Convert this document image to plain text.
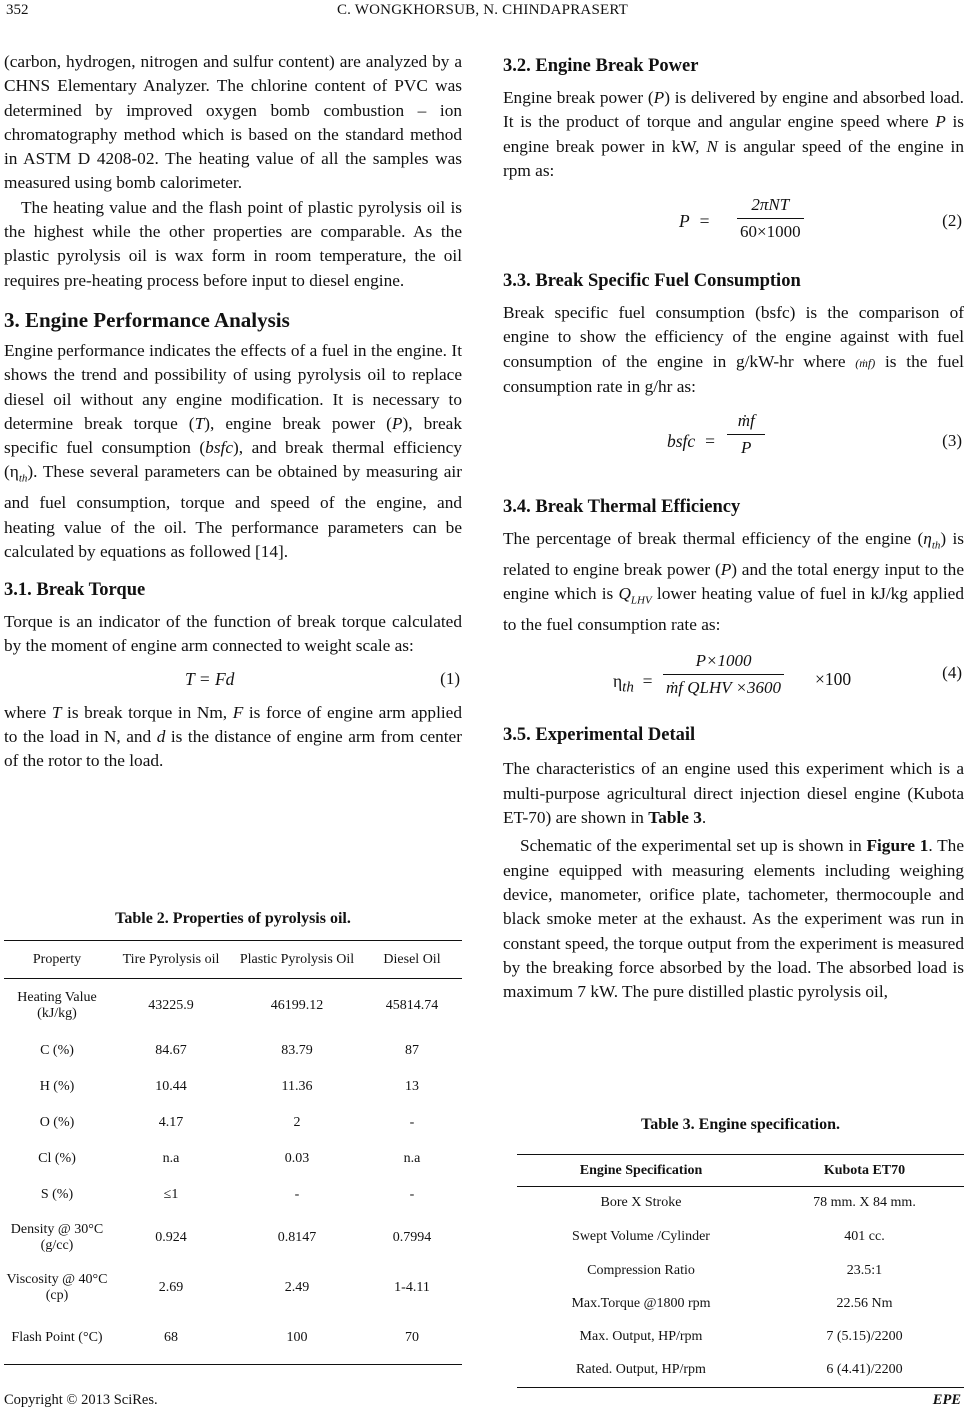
352	C. WONGKHORSUB, N. CHINDAPRASERT

(carbon, hydrogen, nitrogen and sulfur content) are analyzed by a CHNS Elementary Analyzer. The chlorine content of PVC was determined by improved oxygen bomb combustion – ion chromatography method which is based on the standard method in ASTM D 4208-02. The heating value of all the samples was measured using bomb calorimeter.

The heating value and the flash point of plastic pyrolysis oil is the highest while the other properties are comparable. As the plastic pyrolysis oil is wax form in room temperature, the oil requires pre-heating process before input to diesel engine.

3. Engine Performance Analysis

Engine performance indicates the effects of a fuel in the engine. It shows the trend and possibility of using pyrolysis oil to replace diesel oil without any engine modification. It is necessary to determine break torque (T), engine break power (P), break specific fuel consumption (bsfc), and break thermal efficiency $(\eta_{th})$. These several parameters can be obtained by measuring air and fuel consumption, torque and speed of the engine, and heating value of the oil. The performance parameters can be calculated by equations as followed [14].

3.1. Break Torque

Torque is an indicator of the function of break torque calculated by the moment of engine arm connected to weight scale as:

T = Fd	(1)

where T is break torque in Nm, F is force of engine arm applied to the load in N, and d is the distance of engine arm from center of the rotor to the load.

Table 2. Properties of pyrolysis oil.
Property	Tire Pyrolysis oil	Plastic Pyrolysis Oil	Diesel Oil
Heating Value (kJ/kg)	43225.9	46199.12	45814.74
C (%)	84.67	83.79	87
H (%)	10.44	11.36	13
O (%)	4.17	2	-
Cl (%)	n.a	0.03	n.a
S (%)	≤1	-	-
Density @ 30°C (g/cc)	0.924	0.8147	0.7994
Viscosity @ 40°C (cp)	2.69	2.49	1-4.11
Flash Point (°C)	68	100	70
3.2. Engine Break Power

Engine break power (P) is delivered by engine and absorbed load. It is the product of torque and angular engine speed where P is engine break power in kW, N is angular speed of the engine in rpm as:

P  =
2πNT
60×1000
(2)
3.3. Break Specific Fuel Consumption

Break specific fuel consumption (bsfc) is the comparison of engine to show the efficiency of the engine against with fuel consumption of the engine in g/kW-hr where (ṁf) is the fuel consumption rate in g/hr as:

bsfc  = $\frac{\text{ṁf}}{P}$	(3)
3.4. Break Thermal Efficiency

The percentage of break thermal efficiency of the engine $(\eta_{th})$ is related to engine break power (P) and the total energy input to the engine which is $Q_{LHV}$ lower heating value of fuel in kJ/kg applied to the fuel consumption rate as:

$\eta_{th}$  =
P×1000
ṁf QLHV ×3600 ×100	(4)
3.5. Experimental Detail

The characteristics of an engine used this experiment which is a multi-purpose agricultural direct injection diesel engine (Kubota ET-70) are shown in Table 3.

Schematic of the experimental set up is shown in Figure 1. The engine equipped with measuring elements including weighing device, manometer, orifice plate, tachometer, thermocouple and black smoke meter at the exhaust. As the experiment was run in constant speed, the torque output from the experiment is measured by the breaking force absorbed by the load. The absorbed load is maximum 7 kW. The pure distilled plastic pyrolysis oil,

Table 3. Engine specification.
Engine Specification	Kubota ET70
Bore X Stroke	78 mm. X 84 mm.
Swept Volume /Cylinder	401 cc.
Compression Ratio	23.5:1
Max.Torque @1800 rpm	22.56 Nm
Max. Output, HP/rpm	7 (5.15)/2200
Rated. Output, HP/rpm	6 (4.41)/2200
Copyright © 2013 SciRes.	EPE
